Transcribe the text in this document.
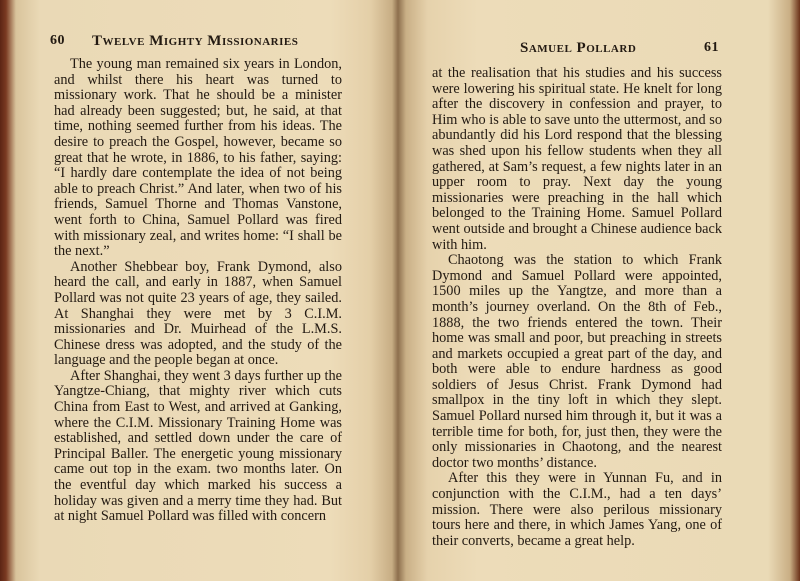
60 Twelve Mighty Missionaries

The young man remained six years in London, and whilst there his heart was turned to missionary work. That he should be a minister had already been suggested; but, he said, at that time, nothing seemed further from his ideas. The desire to preach the Gospel, however, became so great that he wrote, in 1886, to his father, saying: “I hardly dare contemplate the idea of not being able to preach Christ.” And later, when two of his friends, Samuel Thorne and Thomas Vanstone, went forth to China, Samuel Pollard was fired with missionary zeal, and writes home: “I shall be the next.”

Another Shebbear boy, Frank Dymond, also heard the call, and early in 1887, when Samuel Pollard was not quite 23 years of age, they sailed. At Shanghai they were met by 3 C.I.M. missionaries and Dr. Muirhead of the L.M.S. Chinese dress was adopted, and the study of the language and the people began at once.

After Shanghai, they went 3 days further up the Yangtze-Chiang, that mighty river which cuts China from East to West, and arrived at Ganking, where the C.I.M. Missionary Training Home was established, and settled down under the care of Principal Baller. The energetic young missionary came out top in the exam. two months later. On the eventful day which marked his success a holiday was given and a merry time they had. But at night Samuel Pollard was filled with concern

Samuel Pollard	61

at the realisation that his studies and his success were lowering his spiritual state. He knelt for long after the discovery in confession and prayer, to Him who is able to save unto the uttermost, and so abundantly did his Lord respond that the blessing was shed upon his fellow students when they all gathered, at Sam’s request, a few nights later in an upper room to pray. Next day the young missionaries were preaching in the hall which belonged to the Training Home. Samuel Pollard went outside and brought a Chinese audience back with him.

Chaotong was the station to which Frank Dymond and Samuel Pollard were appointed, 1500 miles up the Yangtze, and more than a month’s journey overland. On the 8th of Feb., 1888, the two friends entered the town. Their home was small and poor, but preaching in streets and markets occupied a great part of the day, and both were able to endure hardness as good soldiers of Jesus Christ. Frank Dymond had smallpox in the tiny loft in which they slept. Samuel Pollard nursed him through it, but it was a terrible time for both, for, just then, they were the only missionaries in Chaotong, and the nearest doctor two months’ distance.

After this they were in Yunnan Fu, and in conjunction with the C.I.M., had a ten days’ mission. There were also perilous missionary tours here and there, in which James Yang, one of their converts, became a great help.
